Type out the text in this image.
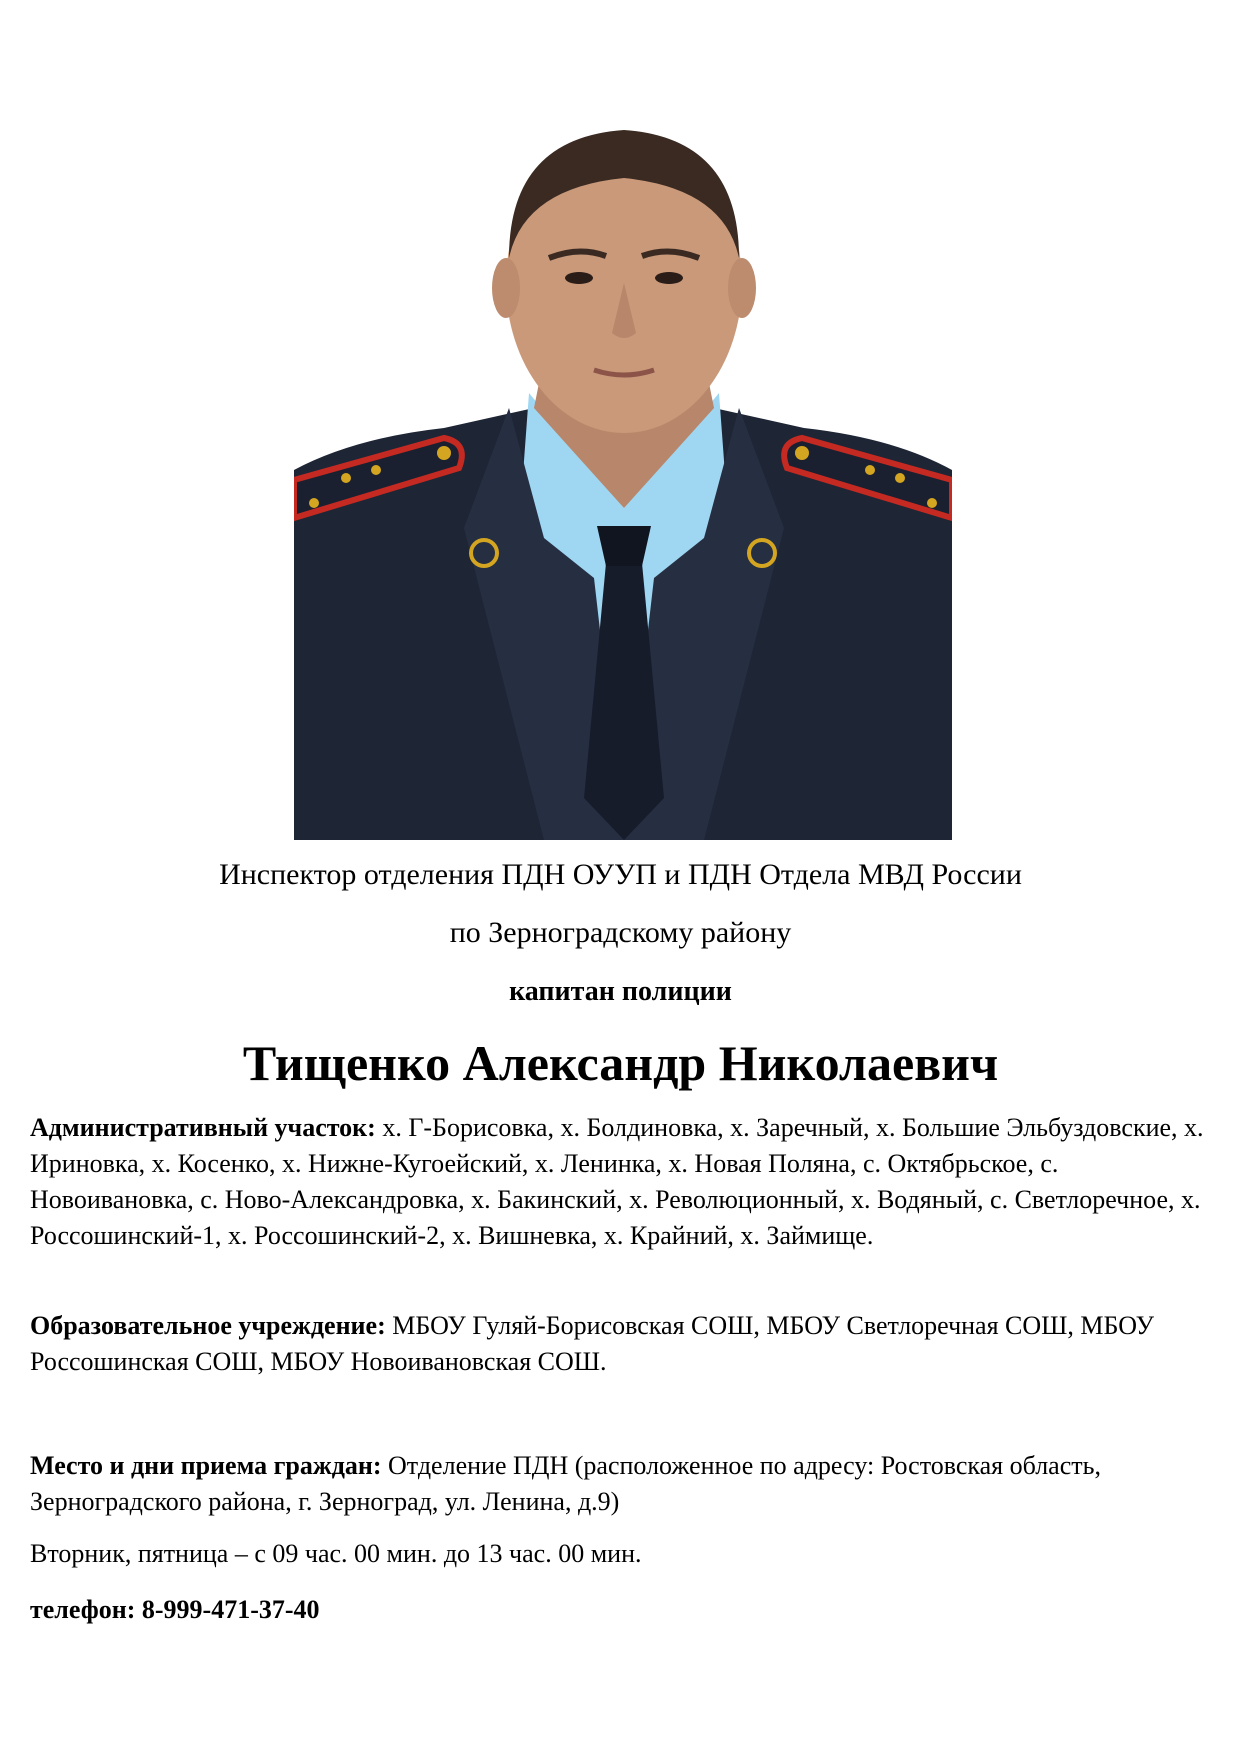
Инспектор отделения ПДН ОУУП и ПДН Отдела МВД России
по Зерноградскому району
капитан полиции
Тищенко Александр Николаевич

Административный участок: х. Г-Борисовка, х. Болдиновка, х. Заречный, х. Большие Эльбуздовские, х. Ириновка, х. Косенко, х. Нижне-Кугоейский, х. Ленинка, х. Новая Поляна, с. Октябрьское, с. Новоивановка, с. Ново-Александровка, х. Бакинский, х. Революционный, х. Водяный, с. Светлоречное, х. Россошинский-1, х. Россошинский-2, х. Вишневка, х. Крайний, х. Займище.

Образовательное учреждение: МБОУ Гуляй-Борисовская СОШ, МБОУ Светлоречная СОШ, МБОУ Россошинская СОШ, МБОУ Новоивановская СОШ.

Место и дни приема граждан: Отделение ПДН (расположенное по адресу: Ростовская область, Зерноградского района, г. Зерноград, ул. Ленина, д.9)

Вторник, пятница – с 09 час. 00 мин. до 13 час. 00 мин.

телефон: 8-999-471-37-40
